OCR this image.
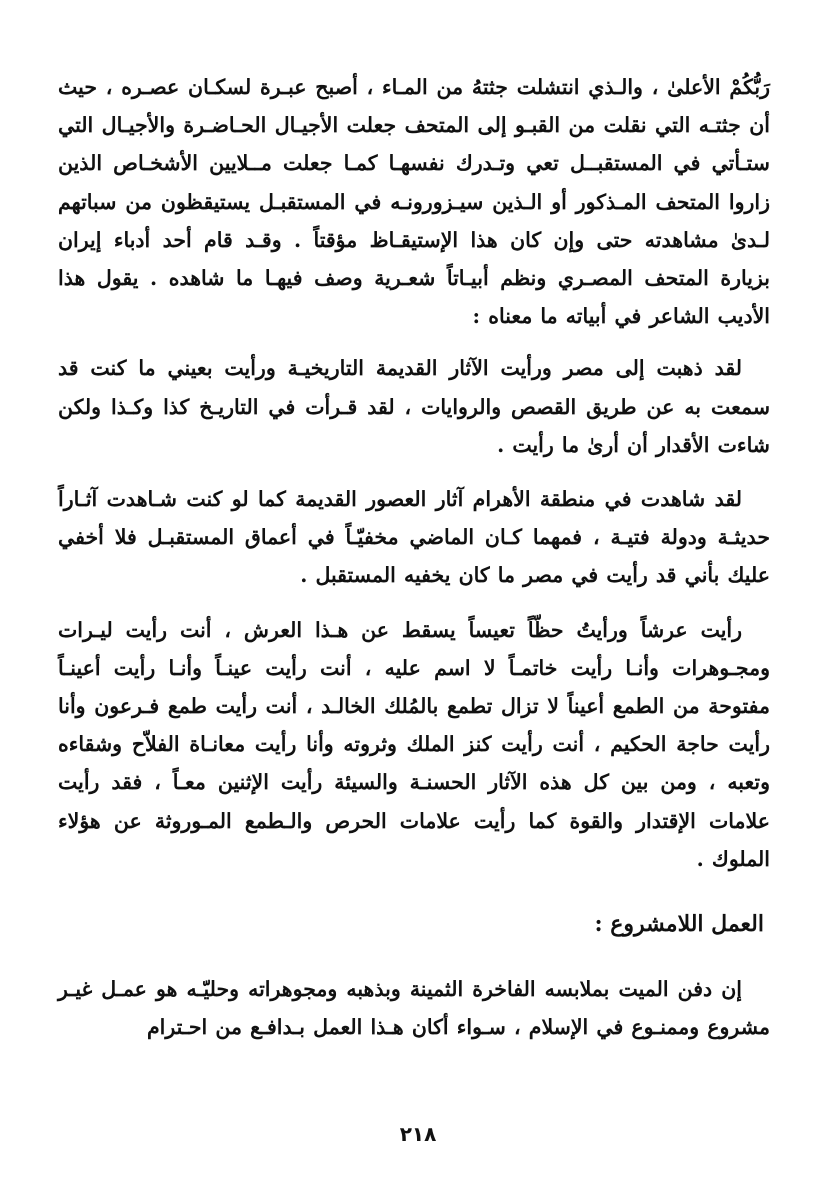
رَبُّكُمْ الأعلىٰ ، والـذي انتشلت جثتهُ من المـاء ، أصبح عبـرة لسكـان عصـره ، حيث أن جثتـه التي نقلت من القبـو إلى المتحف جعلت الأجيـال الحـاضـرة والأجيـال التي ستـأتي في المستقبــل تعي وتـدرك نفسهـا كمـا جعلت مــلايين الأشخـاص الذين زاروا المتحف المـذكور أو الـذين سيـزورونـه في المستقبـل يستيقظون من سباتهم لـدىٰ مشاهدته حتى وإن كان هذا الإستيقـاظ مؤقتاً . وقـد قام أحد أدباء إيران بزيارة المتحف المصـري ونظم أبيـاتاً شعـرية وصف فيهـا ما شاهده . يقول هذا الأديب الشاعر في أبياته ما معناه :

لقد ذهبت إلى مصر ورأيت الآثار القديمة التاريخيـة ورأيت بعيني ما كنت قد سمعت به عن طريق القصص والروايات ، لقد قـرأت في التاريـخ كذا وكـذا ولكن شاءت الأقدار أن أرىٰ ما رأيت .

لقد شاهدت في منطقة الأهرام آثار العصور القديمة كما لو كنت شـاهدت آثـاراً حديثـة ودولة فتيـة ، فمهما كـان الماضي مخفيّـاً في أعماق المستقبـل فلا أخفي عليك بأني قد رأيت في مصر ما كان يخفيه المستقبل .

رأيت عرشاً ورأيتُ حظّاً تعيساً يسقط عن هـذا العرش ، أنت رأيت ليـرات ومجـوهرات وأنـا رأيت خاتمـاً لا اسم عليه ، أنت رأيت عينـاً وأنـا رأيت أعينـاً مفتوحة من الطمع أعيناً لا تزال تطمع بالمُلك الخالـد ، أنت رأيت طمع فـرعون وأنا رأيت حاجة الحكيم ، أنت رأيت كنز الملك وثروته وأنا رأيت معانـاة الفلاّح وشقاءه وتعبه ، ومن بين كل هذه الآثار الحسنـة والسيئة رأيت الإثنين معـاً ، فقد رأيت علامات الإقتدار والقوة كما رأيت علامات الحرص والـطمع المـوروثة عن هؤلاء الملوك .

العمل اللامشروع :

إن دفن الميت بملابسه الفاخرة الثمينة وبذهبه ومجوهراته وحليّـه هو عمـل غيـر مشروع وممنـوع في الإسلام ، سـواء أكان هـذا العمل بـدافـع من احـترام

٢١٨
